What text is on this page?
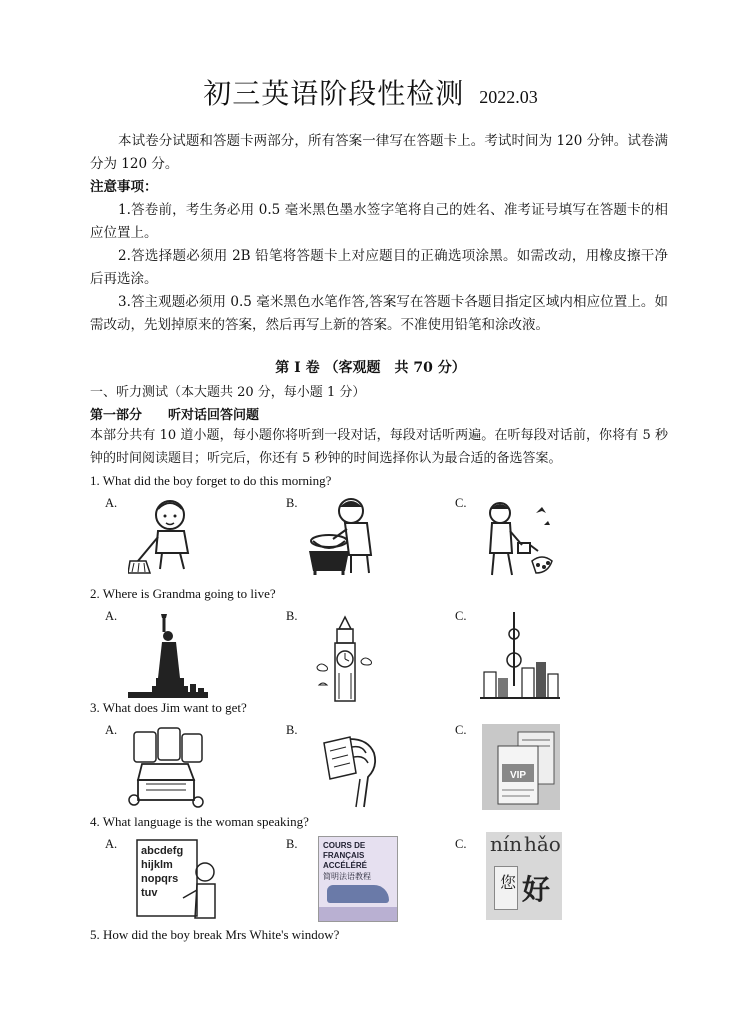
初三英语阶段性检测 2022.03
本试卷分试题和答题卡两部分，所有答案一律写在答题卡上。考试时间为 120 分钟。试卷满分为 120 分。
注意事项：
1.答卷前，考生务必用 0.5 毫米黑色墨水签字笔将自己的姓名、准考证号填写在答题卡的相应位置上。
2.答选择题必须用 2B 铅笔将答题卡上对应题目的正确选项涂黑。如需改动，用橡皮擦干净后再选涂。
3.答主观题必须用 0.5 毫米黑色水笔作答,答案写在答题卡各题目指定区域内相应位置上。如需改动，先划掉原来的答案，然后再写上新的答案。不准使用铅笔和涂改液。
第 I 卷 （客观题　共 70 分）
一、听力测试（本大题共 20 分，每小题 1 分）
第一部分　　听对话回答问题
本部分共有 10 道小题，每小题你将听到一段对话，每段对话听两遍。在听每段对话前，你将有 5 秒钟的时间阅读题目；听完后，你还有 5 秒钟的时间选择你认为最合适的备选答案。
1. What did the boy forget to do this morning?
A.	B.	C.
2. Where is Grandma going to live?
A.	B.	C.
3. What does Jim want to get?
A.	B.	C.
VIP
4. What language is the woman speaking?
A.	B.	C.
abcdefg
hijklm
nopqrs
tuv
COURS DE FRANÇAIS
ACCÉLÉRÉ
简明法语教程
nín hǎo
您 好
5. How did the boy break Mrs White's window?
